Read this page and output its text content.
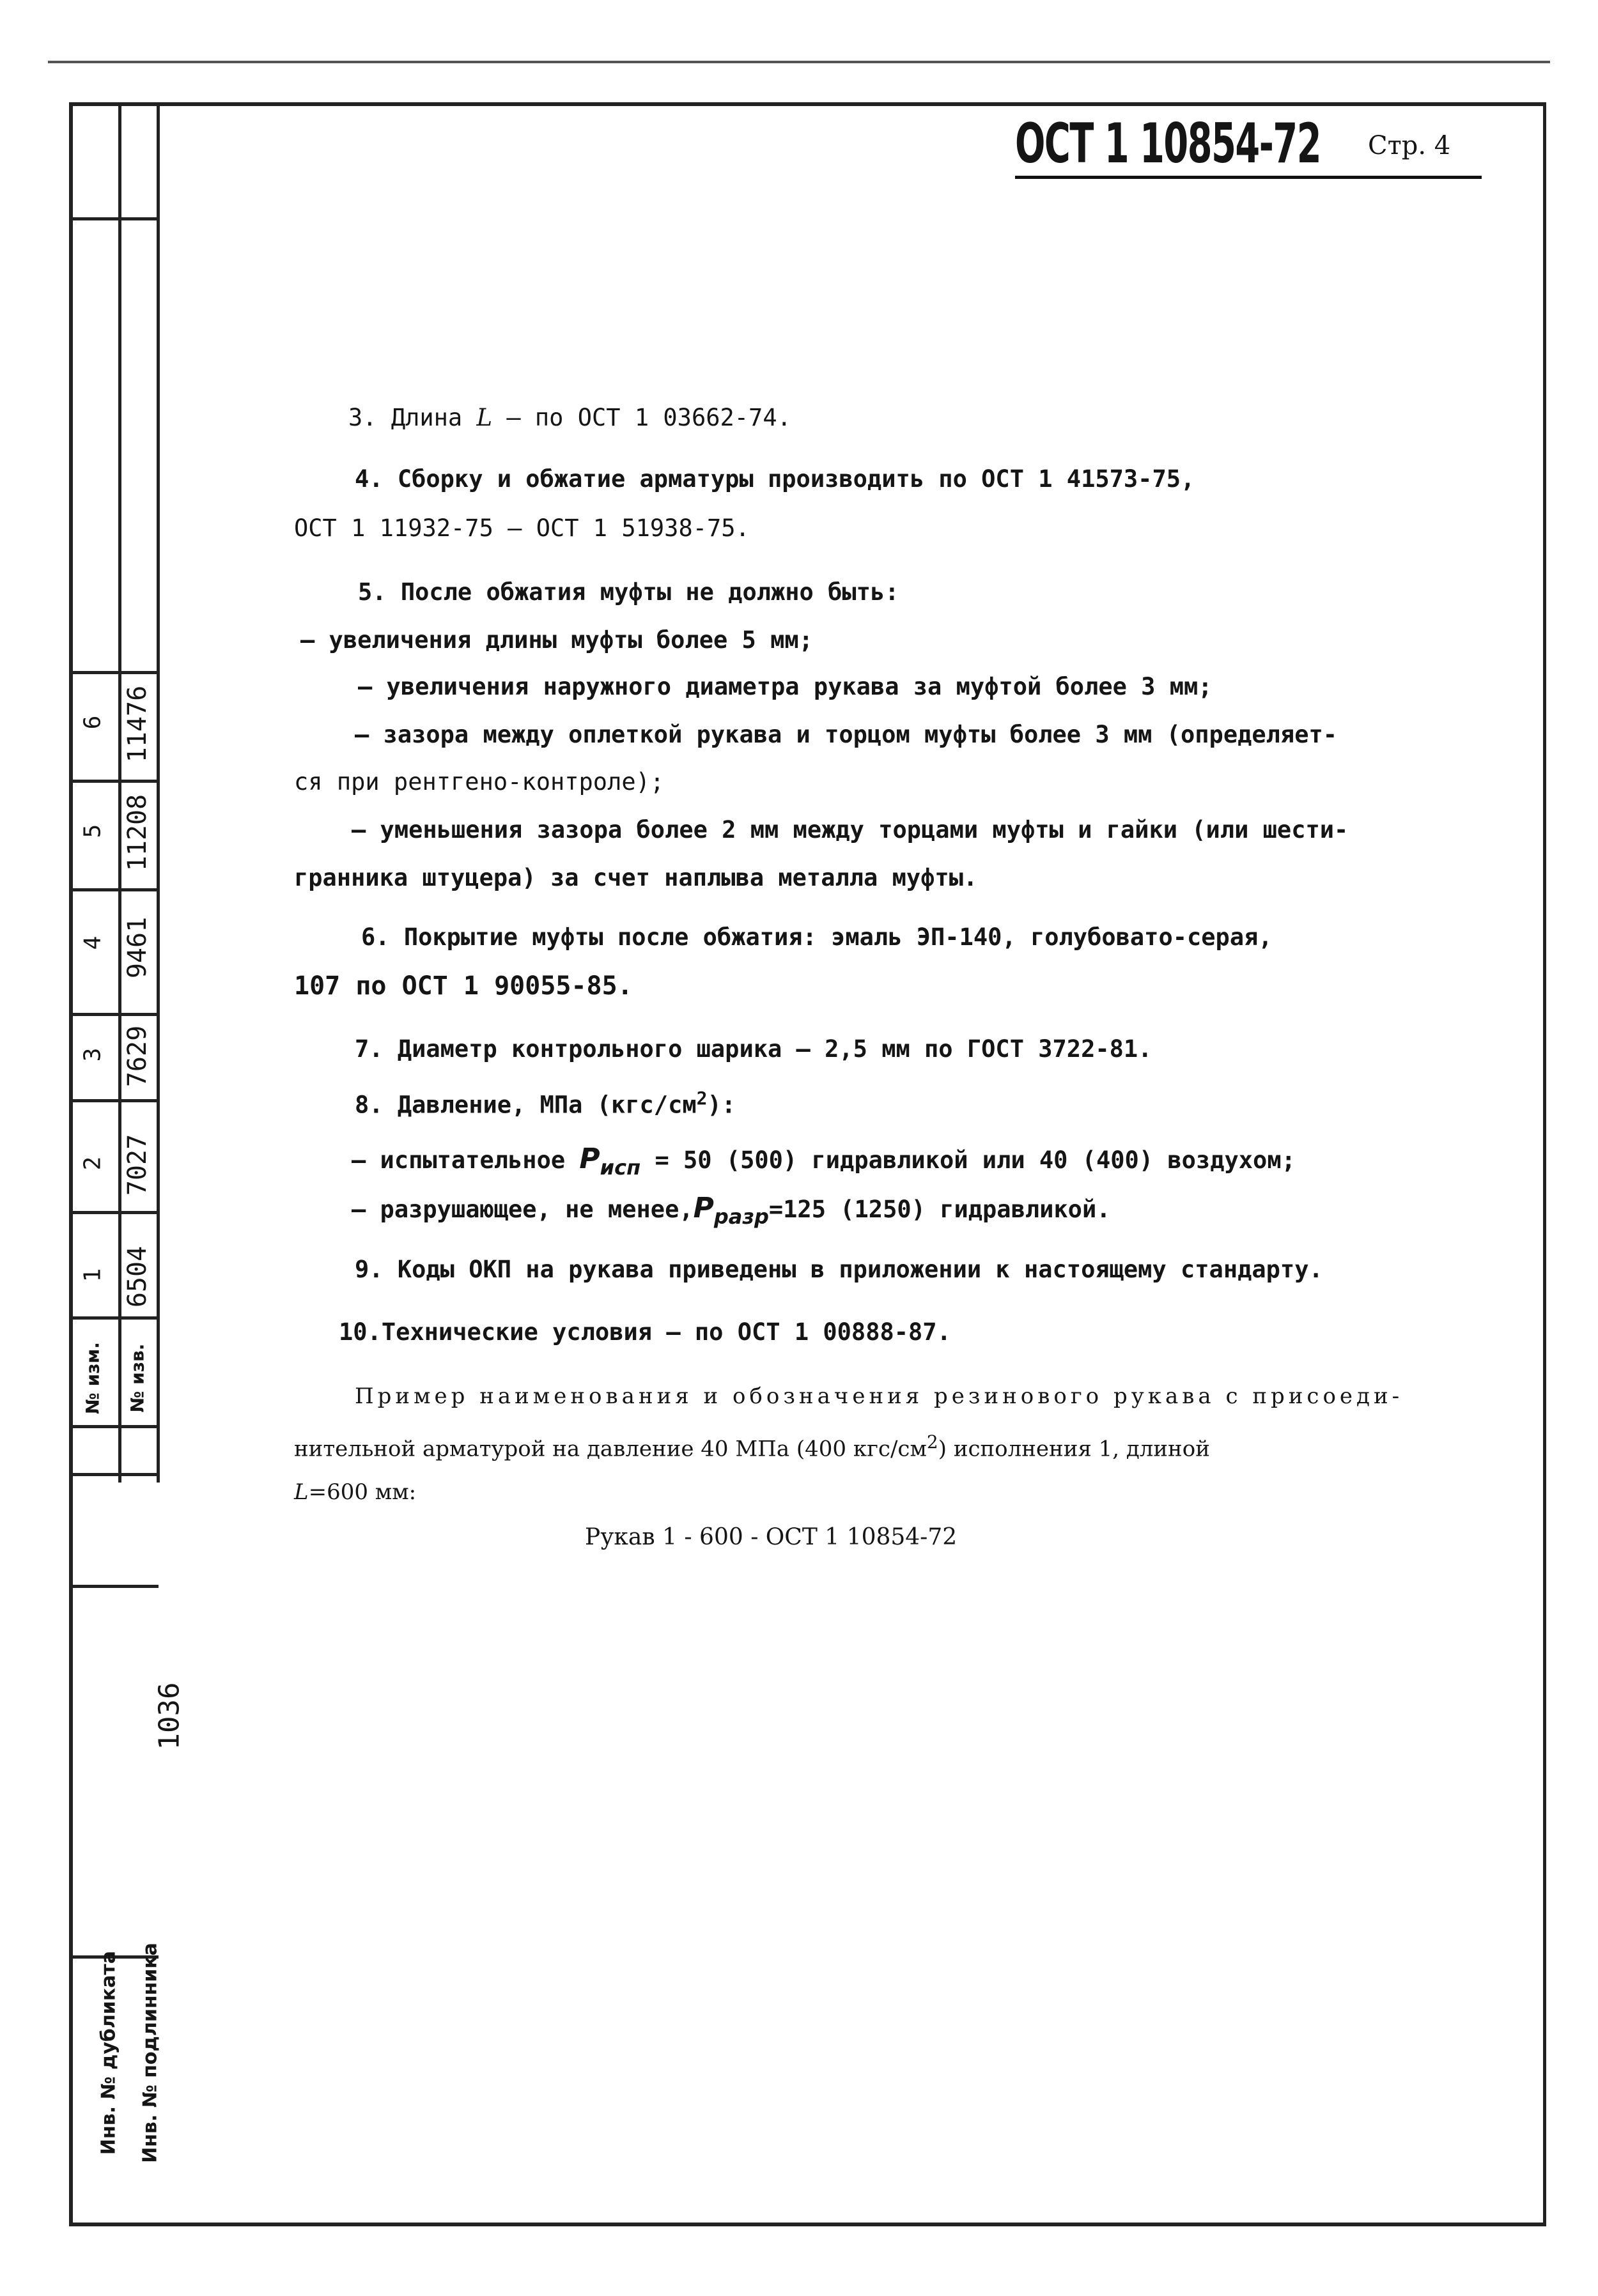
6
5
4
3
2
1
№ изм.
11476
11208
9461
7629
7027
6504
№ изв.
1036
Инв. № дубликата Инв. № подлинника
ОСТ 1 10854-72 Стр. 4
3. Длина L – по ОСТ 1 03662-74.
4. Сборку и обжатие арматуры производить по ОСТ 1 41573-75,
ОСТ 1 11932-75 – ОСТ 1 51938-75.
5. После обжатия муфты не должно быть:
– увеличения длины муфты более 5 мм;
– увеличения наружного диаметра рукава за муфтой более 3 мм;
– зазора между оплеткой рукава и торцом муфты более 3 мм (определяет-
ся при рентгено-контроле);
– уменьшения зазора более 2 мм между торцами муфты и гайки (или шести-
гранника штуцера) за счет наплыва металла муфты.
6. Покрытие муфты после обжатия: эмаль ЭП-140, голубовато-серая,
107 по ОСТ 1 90055-85.
7. Диаметр контрольного шарика – 2,5 мм по ГОСТ 3722-81.
8. Давление, МПа $(кгс/см^2)$:
– испытательное $P_{исп} = 50$ (500) гидравликой или 40 (400) воздухом;
– разрушающее, не $менее,P_{разр}=125$ (1250) гидравликой.
9. Коды ОКП на рукава приведены в приложении к настоящему стандарту.
10.Технические условия – по ОСТ 1 00888-87.
Пример наименования и обозначения резинового рукава с присоеди-
нительной арматурой на давление 40 МПа (400 кгс/$см^2$) исполнения 1, длиной
L=600 мм:
Рукав 1 - 600 - ОСТ 1 10854-72
